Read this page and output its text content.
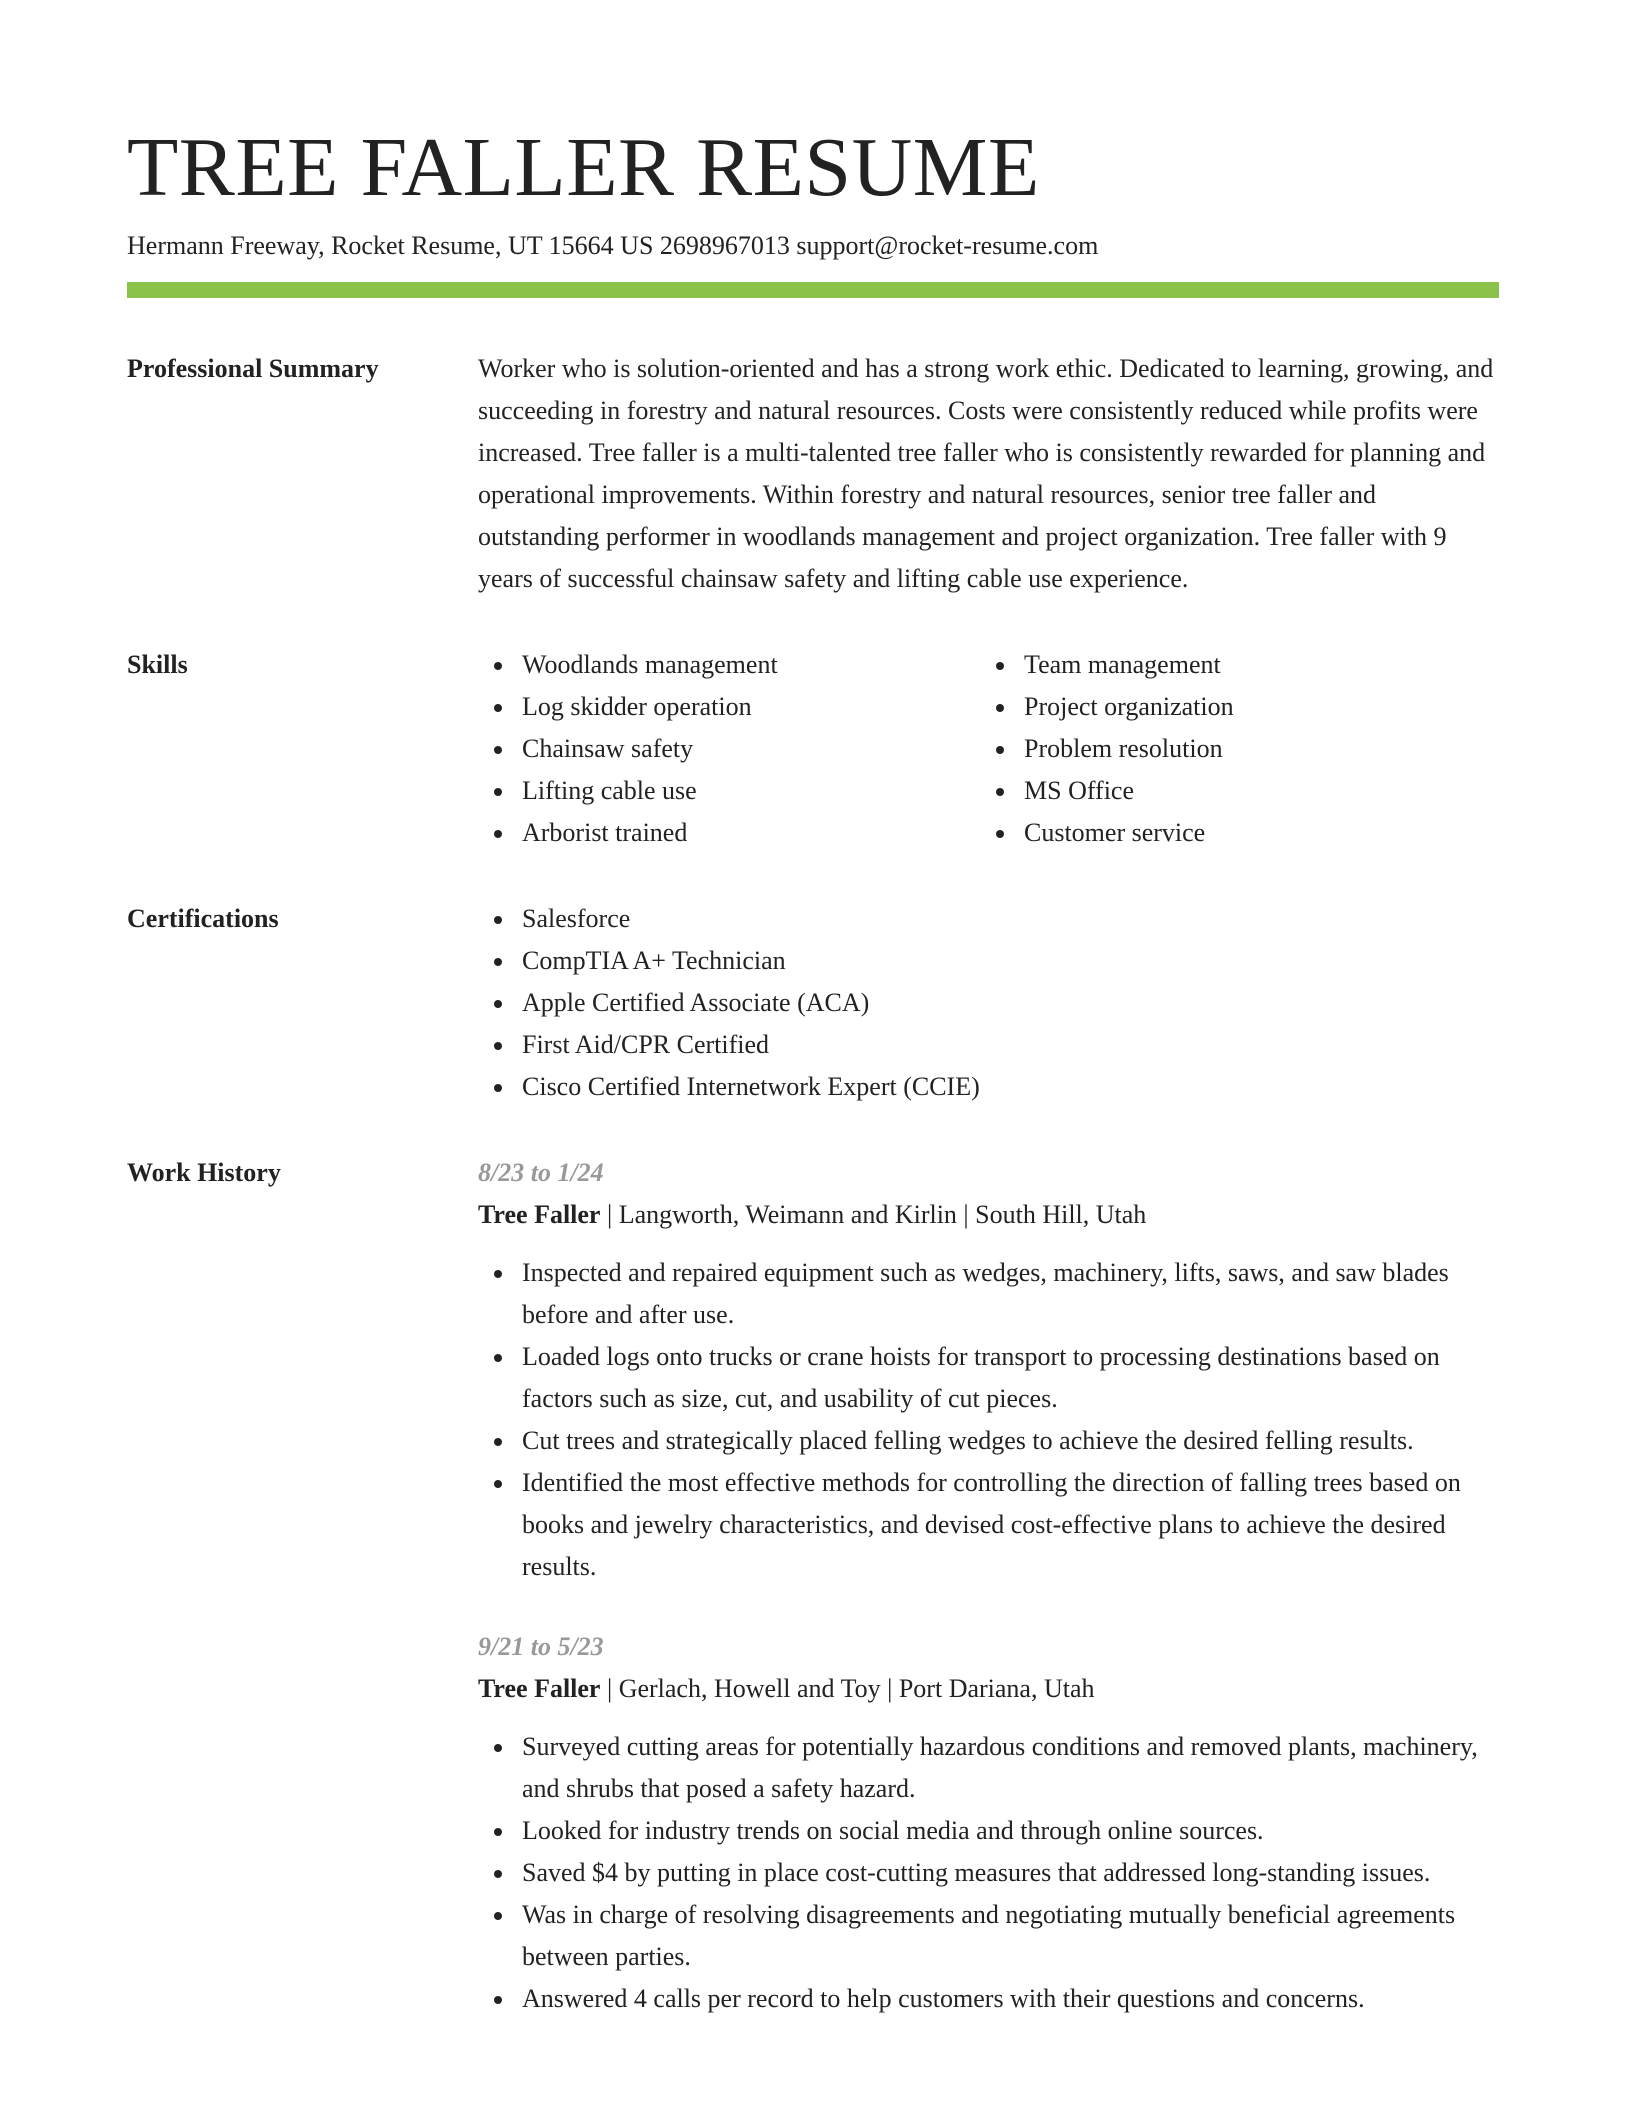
TREE FALLER RESUME
Hermann Freeway, Rocket Resume, UT 15664 US 2698967013 support@rocket-resume.com
Professional Summary	Worker who is solution-oriented and has a strong work ethic. Dedicated to learning, growing, and succeeding in forestry and natural resources. Costs were consistently reduced while profits were increased. Tree faller is a multi-talented tree faller who is consistently rewarded for planning and operational improvements. Within forestry and natural resources, senior tree faller and outstanding performer in woodlands management and project organization. Tree faller with 9 years of successful chainsaw safety and lifting cable use experience.

Skills	Woodlands management
Log skidder operation
Chainsaw safety
Lifting cable use
Arborist trained
Team management
Project organization
Problem resolution
MS Office
Customer service
Certifications	Salesforce
CompTIA A+ Technician
Apple Certified Associate (ACA)
First Aid/CPR Certified
Cisco Certified Internetwork Expert (CCIE)
Work History	8/23 to 1/24
Tree Faller | Langworth, Weimann and Kirlin | South Hill, Utah
Inspected and repaired equipment such as wedges, machinery, lifts, saws, and saw blades before and after use.
Loaded logs onto trucks or crane hoists for transport to processing destinations based on factors such as size, cut, and usability of cut pieces.
Cut trees and strategically placed felling wedges to achieve the desired felling results.
Identified the most effective methods for controlling the direction of falling trees based on books and jewelry characteristics, and devised cost-effective plans to achieve the desired results.
9/21 to 5/23
Tree Faller | Gerlach, Howell and Toy | Port Dariana, Utah
Surveyed cutting areas for potentially hazardous conditions and removed plants, machinery, and shrubs that posed a safety hazard.
Looked for industry trends on social media and through online sources.
Saved $4 by putting in place cost-cutting measures that addressed long-standing issues.
Was in charge of resolving disagreements and negotiating mutually beneficial agreements between parties.
Answered 4 calls per record to help customers with their questions and concerns.
